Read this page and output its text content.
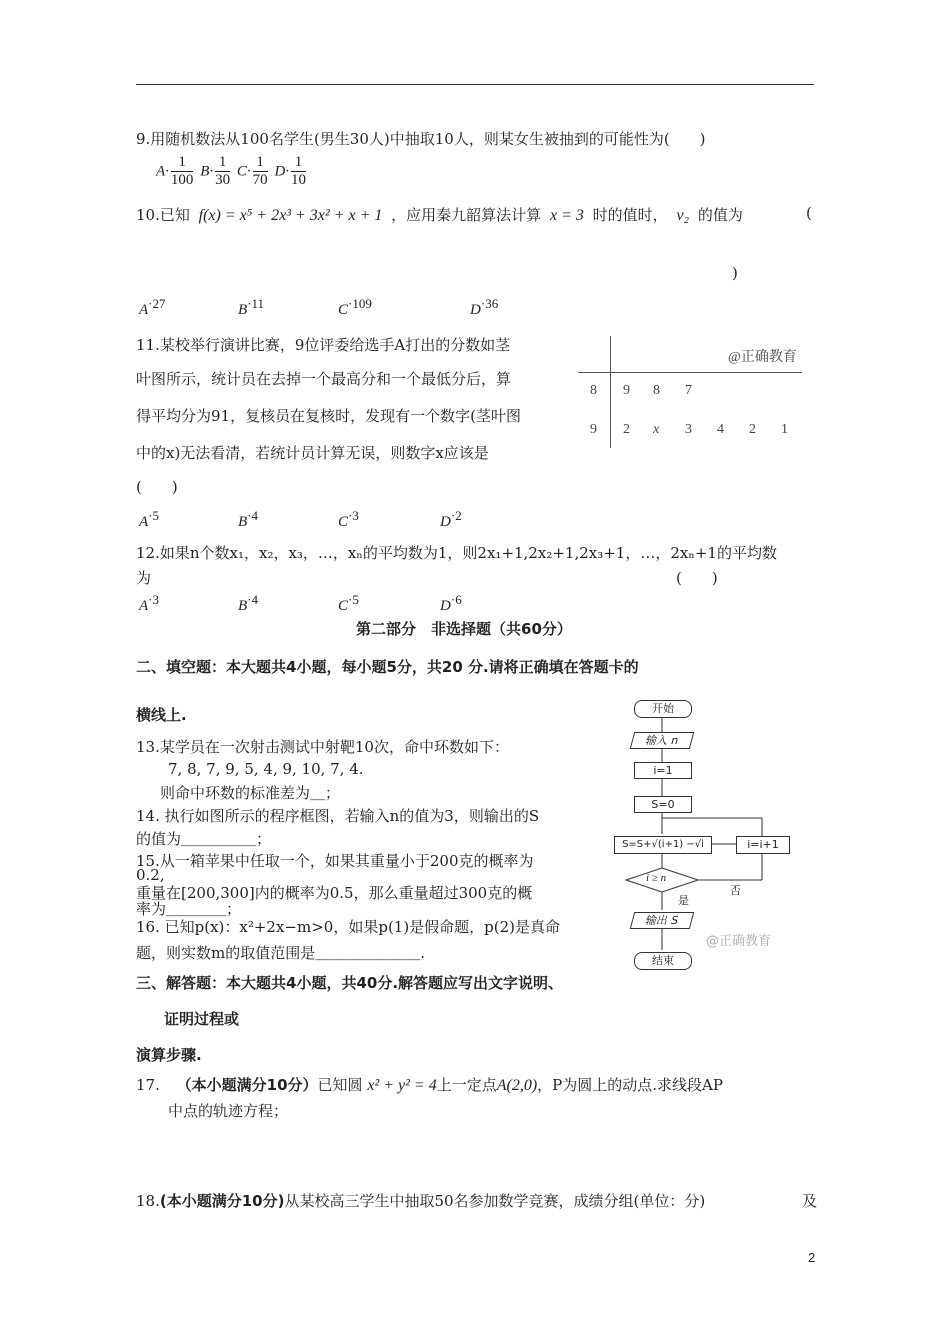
9.用随机数法从100名学生(男生30人)中抽取10人，则某女生被抽到的可能性为(　　)
$A\cdot \frac{1}{100} B\cdot \frac{1}{30} C\cdot \frac{1}{70} D\cdot \frac{1}{10}$
10.已知 f(x) = x⁵ + 2x³ + 3x² + x + 1 ，应用秦九韶算法计算 x = 3 时的值时， v₂ 的值为	(
)
$A^{\cdot 27}$	$B^{\cdot 11}$	$C^{\cdot 109}$	$D^{\cdot 36}$
11.某校举行演讲比赛，9位评委给选手A打出的分数如茎
叶图所示，统计员在去掉一个最高分和一个最低分后，算
得平均分为91，复核员在复核时，发现有一个数字(茎叶图
中的x)无法看清，若统计员计算无误，则数字x应该是
(　　)
@正确教育
8 9 8 7
9 2 x 3 4 2 1
$A^{\cdot 5}$	$B^{\cdot 4}$	$C^{\cdot 3}$	$D^{\cdot 2}$
12.如果n个数x₁，x₂，x₃，…，xₙ的平均数为1，则2x₁+1,2x₂+1,2x₃+1，…，2xₙ+1的平均数
为	(　　)
$A^{\cdot 3}$	$B^{\cdot 4}$	$C^{\cdot 5}$	$D^{\cdot 6}$
第二部分　非选择题（共60分）
二、填空题：本大题共4小题，每小题5分，共20 分.请将正确填在答题卡的
横线上.
13.某学员在一次射击测试中射靶10次，命中环数如下：
7, 8, 7, 9, 5, 4, 9, 10, 7, 4.
则命中环数的标准差为＿；
14. 执行如图所示的程序框图，若输入n的值为3，则输出的S
的值为＿＿＿＿＿；
15.从一箱苹果中任取一个，如果其重量小于200克的概率为
0.2,
重量在[200,300]内的概率为0.5，那么重量超过300克的概
率为＿＿＿＿；
16. 已知p(x)：x²+2x−m>0，如果p(1)是假命题，p(2)是真命
题，则实数m的取值范围是＿＿＿＿＿＿＿.
开始
输入 n
i=1
S=0
S=S+√(i+1) −√i	i=i+1
i ≥ n
是
否
输出 S
@正确教育
结束
三、解答题：本大题共4小题，共40分.解答题应写出文字说明、
证明过程或
演算步骤.
17. （本小题满分10分）已知圆 x² + y² = 4上一定点A(2,0)，P为圆上的动点.求线段AP
中点的轨迹方程；
18.(本小题满分10分)从某校高三学生中抽取50名参加数学竞赛，成绩分组(单位：分)	及
2
